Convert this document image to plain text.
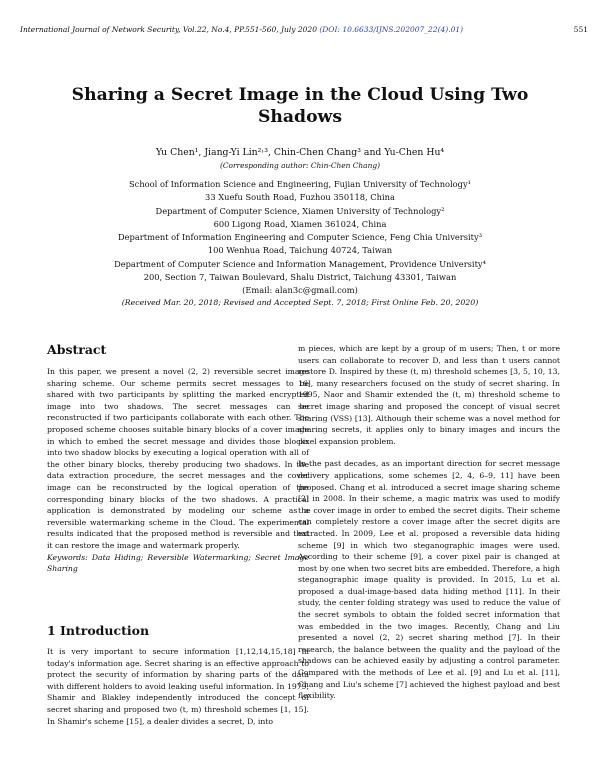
International Journal of Network Security, Vol.22, No.4, PP.551-560, July 2020 (DOI: 10.6633/IJNS.202007_22(4).01)	551
Sharing a Secret Image in the Cloud Using Two Shadows
Yu Chen¹, Jiang-Yi Lin²˒³, Chin-Chen Chang³ and Yu-Chen Hu⁴
(Corresponding author: Chin-Chen Chang)
School of Information Science and Engineering, Fujian University of Technology¹
33 Xuefu South Road, Fuzhou 350118, China
Department of Computer Science, Xiamen University of Technology²
600 Ligong Road, Xiamen 361024, China
Department of Information Engineering and Computer Science, Feng Chia University³
100 Wenhua Road, Taichung 40724, Taiwan
Department of Computer Science and Information Management, Providence University⁴
200, Section 7, Taiwan Boulevard, Shalu District, Taichung 43301, Taiwan
(Email: alan3c@gmail.com)
(Received Mar. 20, 2018; Revised and Accepted Sept. 7, 2018; First Online Feb. 20, 2020)
Abstract

In this paper, we present a novel (2, 2) reversible secret image sharing scheme. Our scheme permits secret messages to be shared with two participants by splitting the marked encrypted image into two shadows. The secret messages can be reconstructed if two participants collaborate with each other. The proposed scheme chooses suitable binary blocks of a cover image in which to embed the secret message and divides those blocks into two shadow blocks by executing a logical operation with all of the other binary blocks, thereby producing two shadows. In the data extraction procedure, the secret messages and the cover image can be reconstructed by the logical operation of the corresponding binary blocks of the two shadows. A practical application is demonstrated by modeling our scheme as a reversible watermarking scheme in the Cloud. The experimental results indicated that the proposed method is reversible and that it can restore the image and watermark properly.

Keywords: Data Hiding; Reversible Watermarking; Secret Image Sharing

1 Introduction

It is very important to secure information [1,12,14,15,18] in today's information age. Secret sharing is an effective approach to protect the security of information by sharing parts of the data with different holders to avoid leaking useful information. In 1979, Shamir and Blakley independently introduced the concept of secret sharing and proposed two (t, m) threshold schemes [1, 15]. In Shamir's scheme [15], a dealer divides a secret, D, into

m pieces, which are kept by a group of m users; Then, t or more users can collaborate to recover D, and less than t users cannot restore D. Inspired by these (t, m) threshold schemes [3, 5, 10, 13, 16], many researchers focused on the study of secret sharing. In 1995, Naor and Shamir extended the (t, m) threshold scheme to secret image sharing and proposed the concept of visual secret sharing (VSS) [13]. Although their scheme was a novel method for sharing secrets, it applies only to binary images and incurs the pixel expansion problem.

In the past decades, as an important direction for secret message delivery applications, some schemes [2, 4, 6–9, 11] have been proposed. Chang et al. introduced a secret image sharing scheme [2] in 2008. In their scheme, a magic matrix was used to modify the cover image in order to embed the secret digits. Their scheme can completely restore a cover image after the secret digits are extracted. In 2009, Lee et al. proposed a reversible data hiding scheme [9] in which two steganographic images were used. According to their scheme [9], a cover pixel pair is changed at most by one when two secret bits are embedded. Therefore, a high steganographic image quality is provided. In 2015, Lu et al. proposed a dual-image-based data hiding method [11]. In their study, the center folding strategy was used to reduce the value of the secret symbols to obtain the folded secret information that was embedded in the two images. Recently, Chang and Liu presented a novel (2, 2) secret sharing method [7]. In their research, the balance between the quality and the payload of the shadows can be achieved easily by adjusting a control parameter. Compared with the methods of Lee et al. [9] and Lu et al. [11], Chang and Liu's scheme [7] achieved the highest payload and best flexibility.
